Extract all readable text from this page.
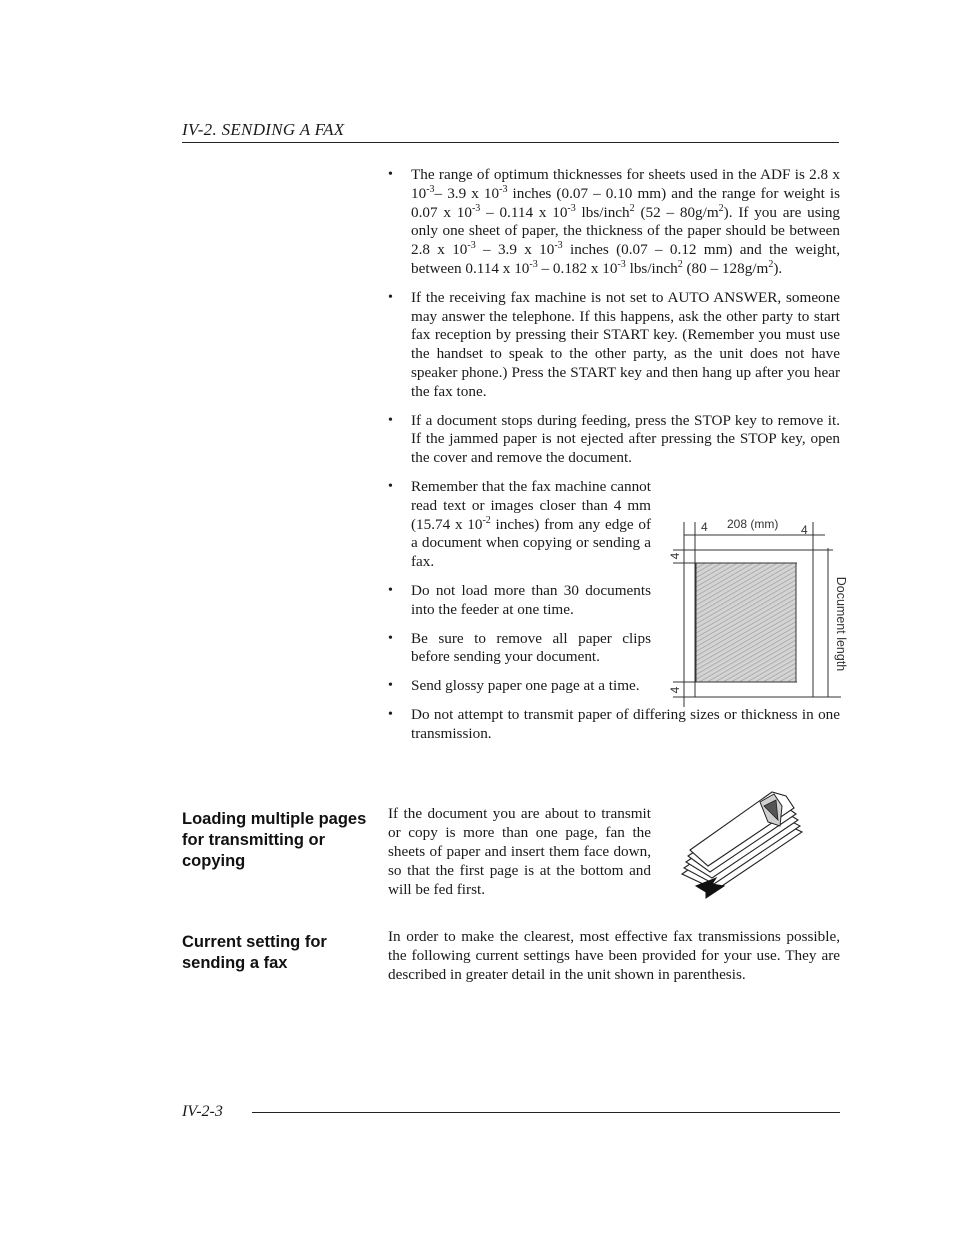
IV-2. SENDING A FAX
• The range of optimum thicknesses for sheets used in the ADF is 2.8 x $10^{-3}-$ 3.9 x $10^{-3}$ inches (0.07 – 0.10 mm) and the range for weight is 0.07 x $10^{-3} - 0.114$ x $10^{-3}$ lbs/inch$^2$ $(52 - 80g/m^2)$. If you are using only one sheet of paper, the thickness of the paper should be between 2.8 x $10^{-3} - 3.9$ x $10^{-3}$ inches (0.07 – 0.12 mm) and the weight, between 0.114 x $10^{-3} - 0.182$ x $10^{-3}$ lbs/inch$^2$ $(80 - 128g/m^2)$.
• If the receiving fax machine is not set to AUTO ANSWER, someone may answer the telephone. If this happens, ask the other party to start fax reception by pressing their START key. (Remember you must use the handset to speak to the other party, as the unit does not have speaker phone.) Press the START key and then hang up after you hear the fax tone.
• If a document stops during feeding, press the STOP key to remove it. If the jammed paper is not ejected after pressing the STOP key, open the cover and remove the document.
• Remember that the fax machine cannot read text or images closer than 4 mm (15.74 x $10^{-2}$ inches) from any edge of a document when copying or sending a fax.
• Do not load more than 30 documents into the feeder at one time.
• Be sure to remove all paper clips before sending your document.
• Send glossy paper one page at a time.
• Do not attempt to transmit paper of differing sizes or thickness in one transmission.
4 208 (mm) 4
4
4
Document length
Loading multiple pages for transmitting or copying
If the document you are about to transmit or copy is more than one page, fan the sheets of paper and insert them face down, so that the first page is at the bottom and will be fed first.
Current setting for sending a fax
In order to make the clearest, most effective fax transmissions possible, the following current settings have been provided for your use. They are described in greater detail in the unit shown in parenthesis.
IV-2-3
